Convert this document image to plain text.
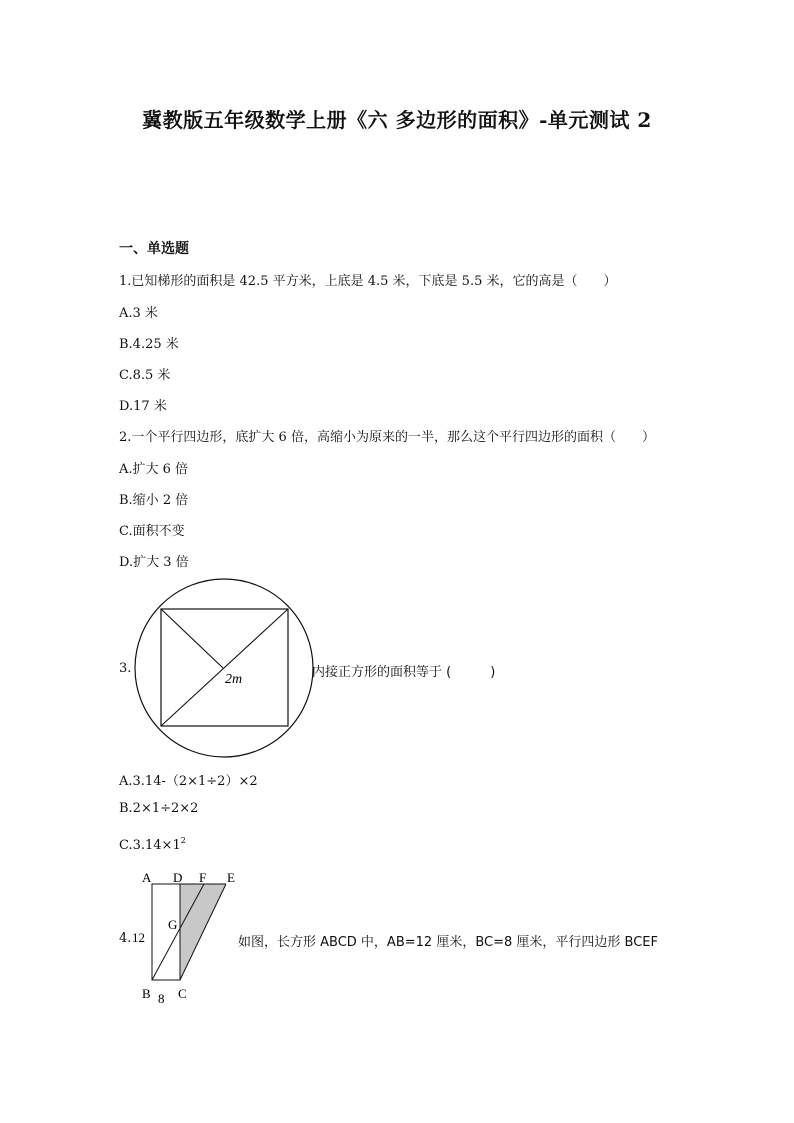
冀教版五年级数学上册《六 多边形的面积》-单元测试 2
一、单选题
1.已知梯形的面积是 42.5 平方米，上底是 4.5 米，下底是 5.5 米，它的高是（　　）
A.3 米
B.4.25 米
C.8.5 米
D.17 米
2.一个平行四边形，底扩大 6 倍，高缩小为原来的一半，那么这个平行四边形的面积（　　）
A.扩大 6 倍
B.缩小 2 倍
C.面积不变
D.扩大 3 倍
3.
2m	内接正方形的面积等于 (　　　)
A.3.14-（2×1÷2）×2
B.2×1÷2×2
$C.3.14\times 1^2$
4.
A D F E
G
12
B 8 C
如图，长方形 ABCD 中，AB=12 厘米，BC=8 厘米，平行四边形 BCEF
